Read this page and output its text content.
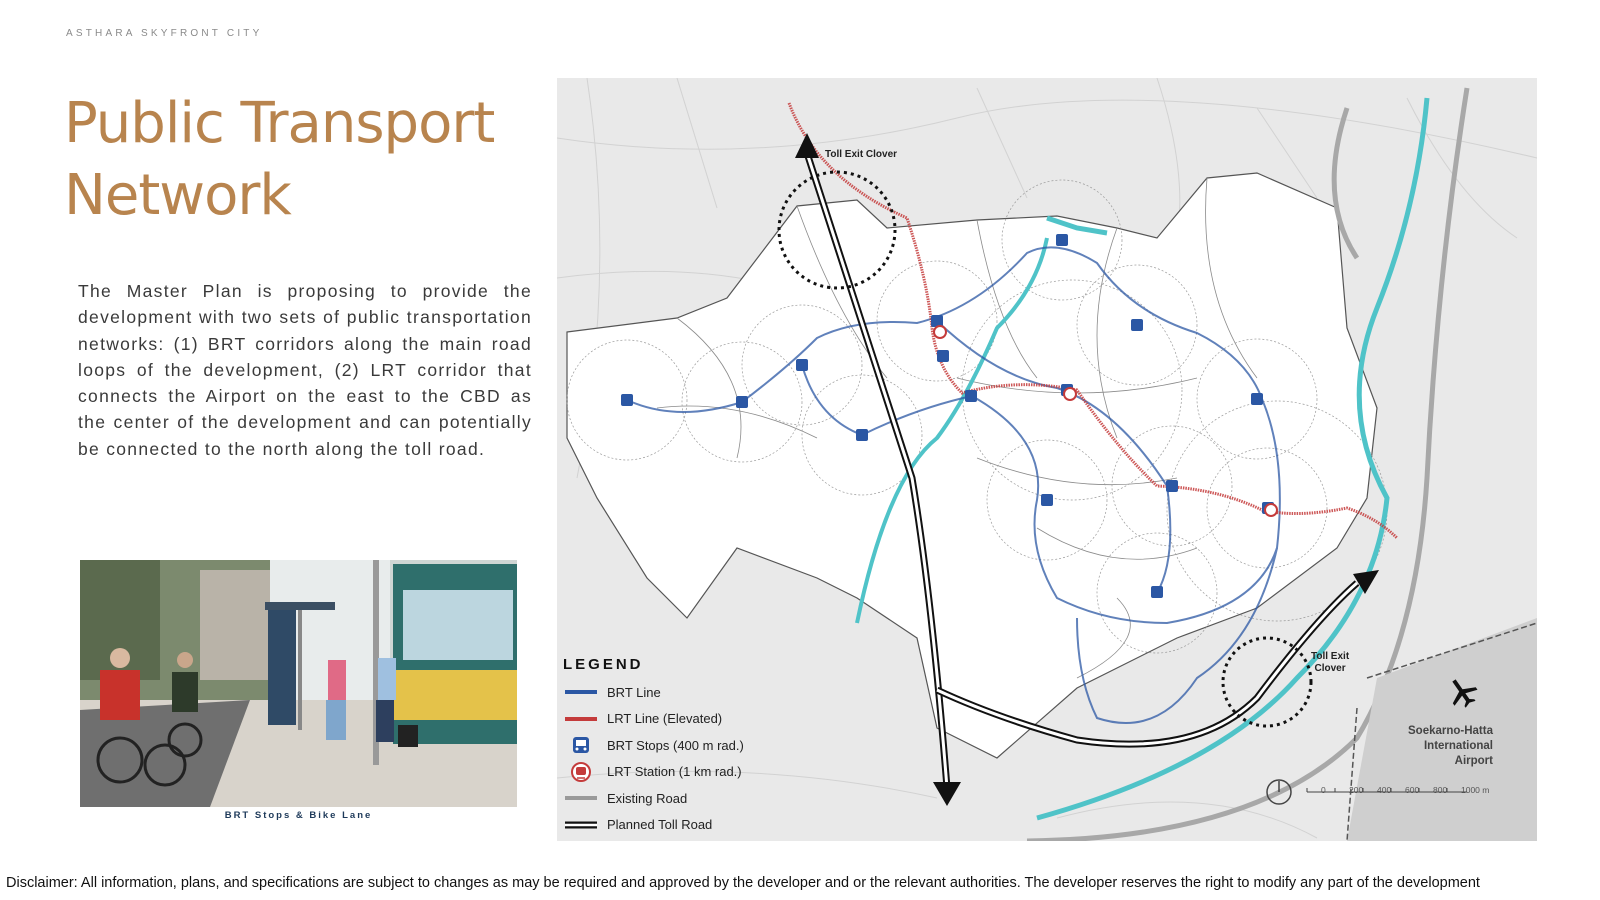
ASTHARA SKYFRONT CITY
Public Transport
Network

The Master Plan is proposing to provide the development with two sets of public transportation networks: (1) BRT corridors along the main road loops of the development, (2) LRT corridor that connects the Airport on the east to the CBD as the center of the development and can potentially be connected to the north along the toll road.

BRT Stops & Bike Lane
Toll Exit Clover
Toll Exit
Clover
Soekarno-Hatta
International
Airport
0	200	400	600	800	1000 m
LEGEND
BRT Line
LRT Line (Elevated)
BRT Stops (400 m rad.)
LRT Station (1 km rad.)
Existing Road
Planned Toll Road
Disclaimer: All information, plans, and specifications are subject to changes as may be required and approved by the developer and or the relevant authorities. The developer reserves the right to modify any part of the development
